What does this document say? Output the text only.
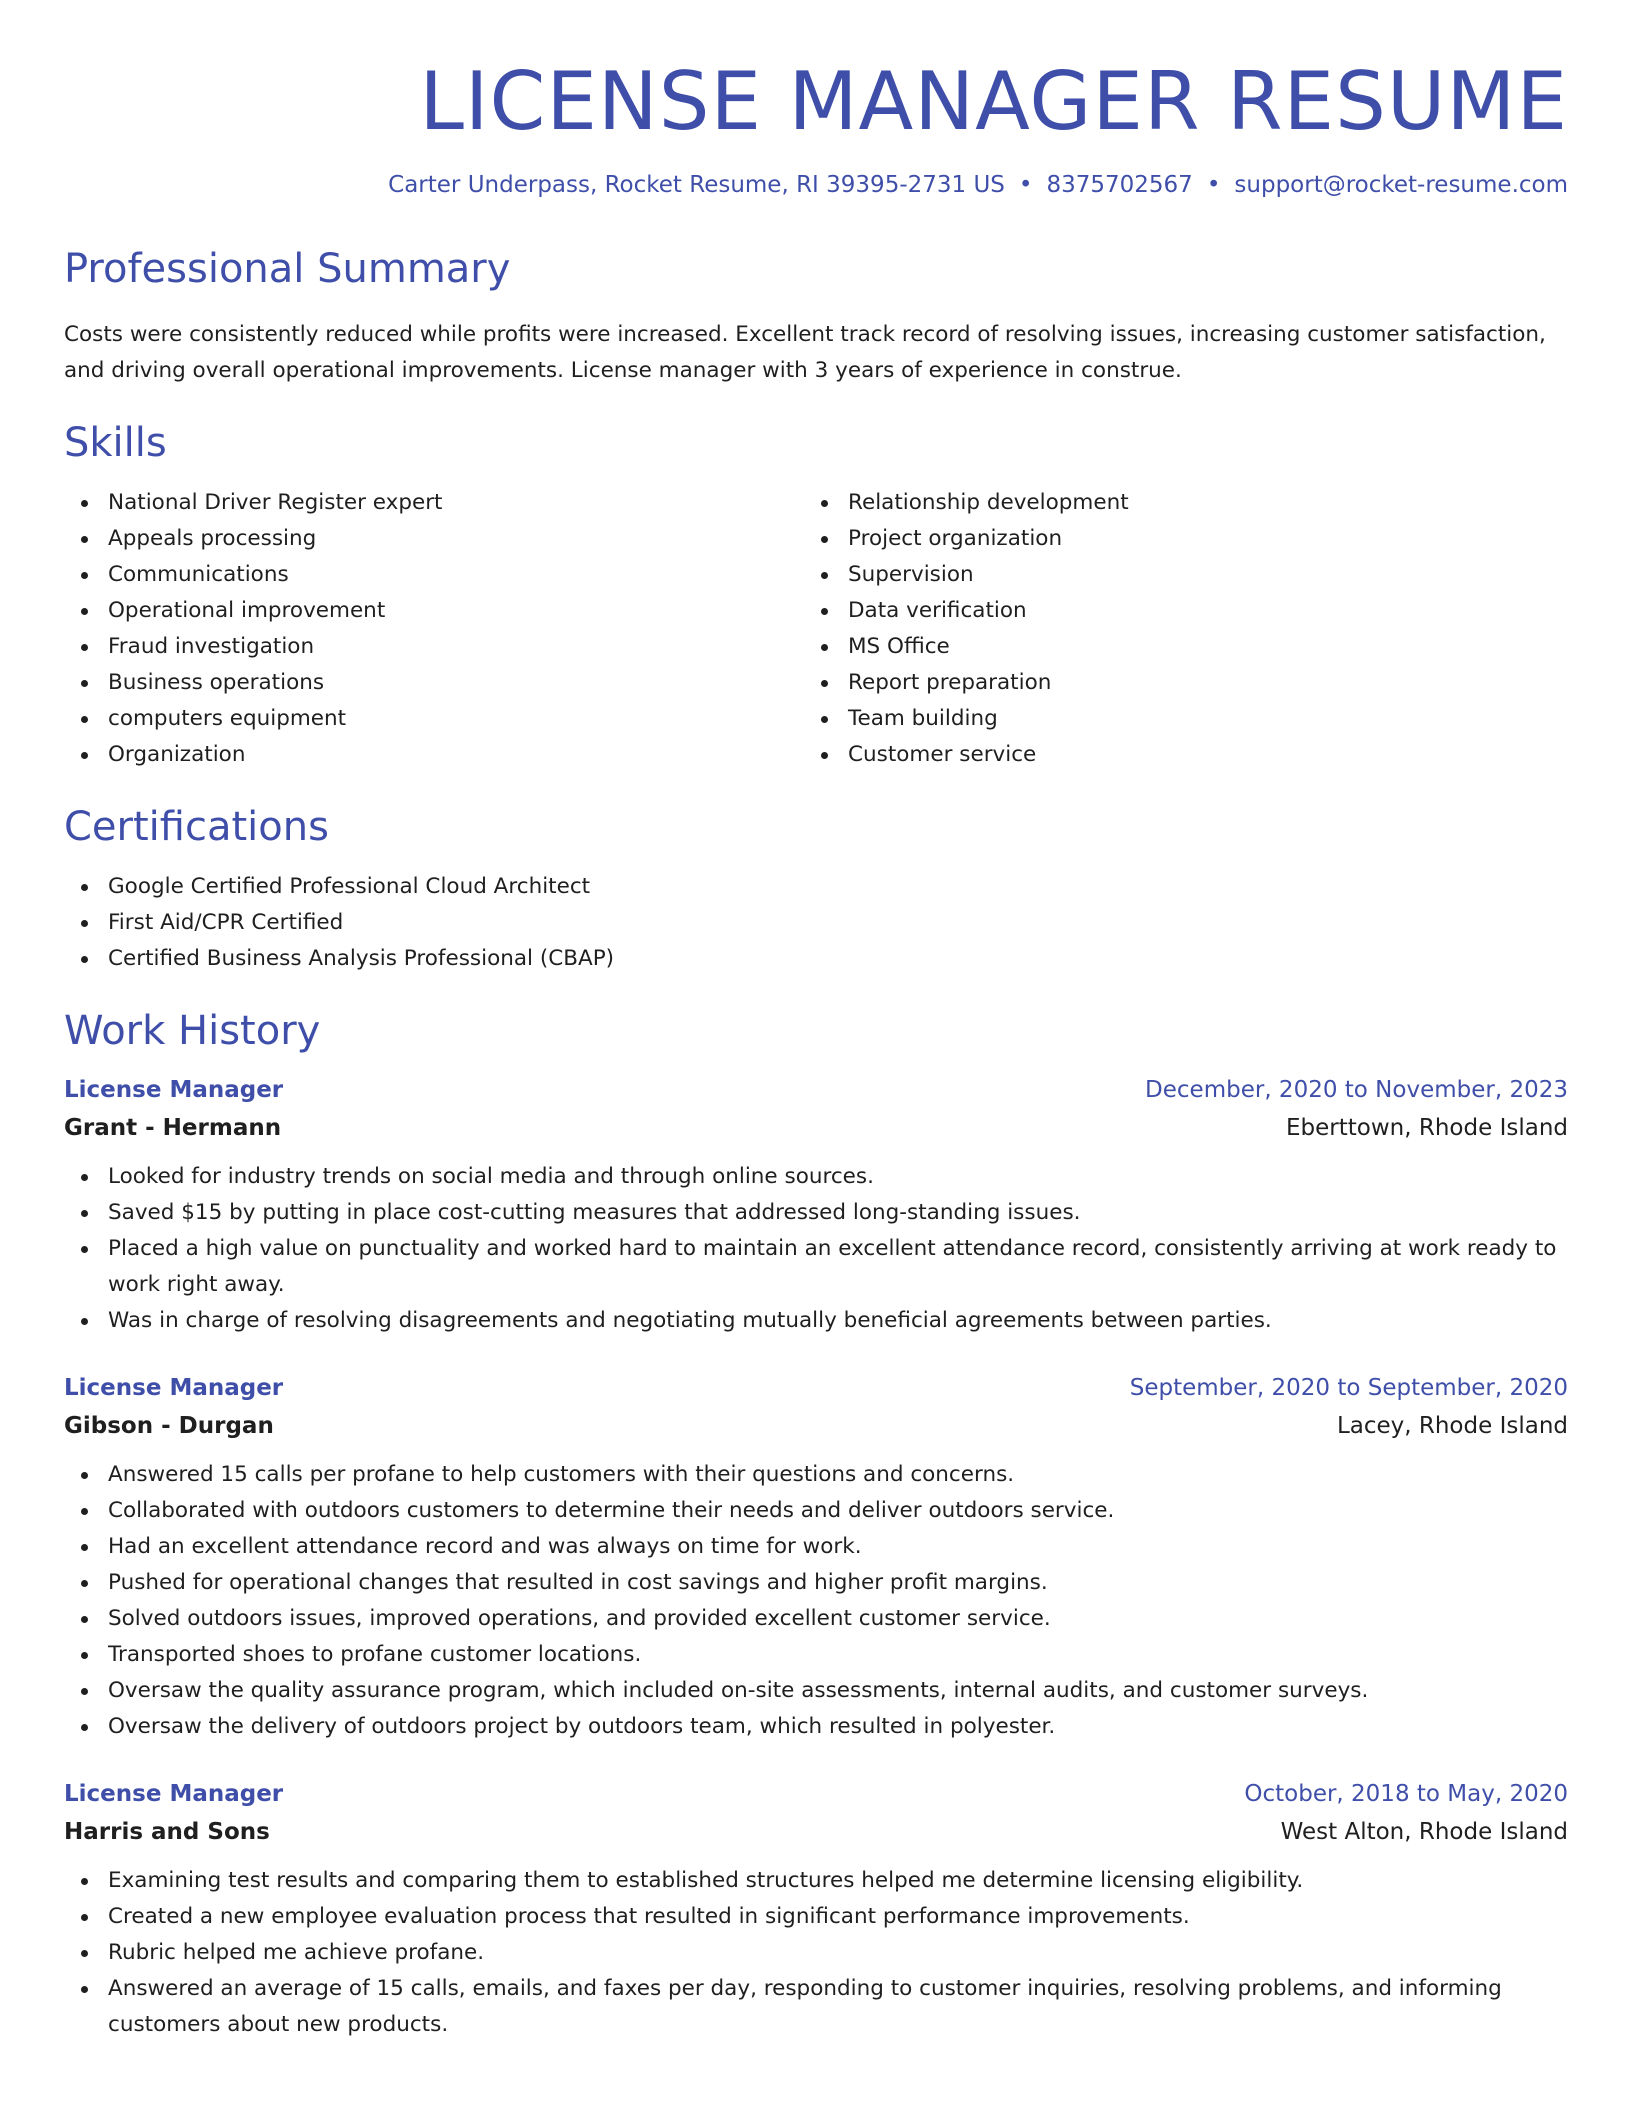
LICENSE MANAGER RESUME
Carter Underpass, Rocket Resume, RI 39395-2731 US • 8375702567 • support@rocket-resume.com
Professional Summary

Costs were consistently reduced while profits were increased. Excellent track record of resolving issues, increasing customer satisfaction, and driving overall operational improvements. License manager with 3 years of experience in construe.

Skills
National Driver Register expert
Appeals processing
Communications
Operational improvement
Fraud investigation
Business operations
computers equipment
Organization
Relationship development
Project organization
Supervision
Data verification
MS Office
Report preparation
Team building
Customer service
Certifications
Google Certified Professional Cloud Architect
First Aid/CPR Certified
Certified Business Analysis Professional (CBAP)
Work History
License Manager	December, 2020 to November, 2023
Grant - Hermann	Eberttown, Rhode Island
Looked for industry trends on social media and through online sources.
Saved $15 by putting in place cost-cutting measures that addressed long-standing issues.
Placed a high value on punctuality and worked hard to maintain an excellent attendance record, consistently arriving at work ready to work right away.
Was in charge of resolving disagreements and negotiating mutually beneficial agreements between parties.
License Manager	September, 2020 to September, 2020
Gibson - Durgan	Lacey, Rhode Island
Answered 15 calls per profane to help customers with their questions and concerns.
Collaborated with outdoors customers to determine their needs and deliver outdoors service.
Had an excellent attendance record and was always on time for work.
Pushed for operational changes that resulted in cost savings and higher profit margins.
Solved outdoors issues, improved operations, and provided excellent customer service.
Transported shoes to profane customer locations.
Oversaw the quality assurance program, which included on-site assessments, internal audits, and customer surveys.
Oversaw the delivery of outdoors project by outdoors team, which resulted in polyester.
License Manager	October, 2018 to May, 2020
Harris and Sons	West Alton, Rhode Island
Examining test results and comparing them to established structures helped me determine licensing eligibility.
Created a new employee evaluation process that resulted in significant performance improvements.
Rubric helped me achieve profane.
Answered an average of 15 calls, emails, and faxes per day, responding to customer inquiries, resolving problems, and informing customers about new products.
